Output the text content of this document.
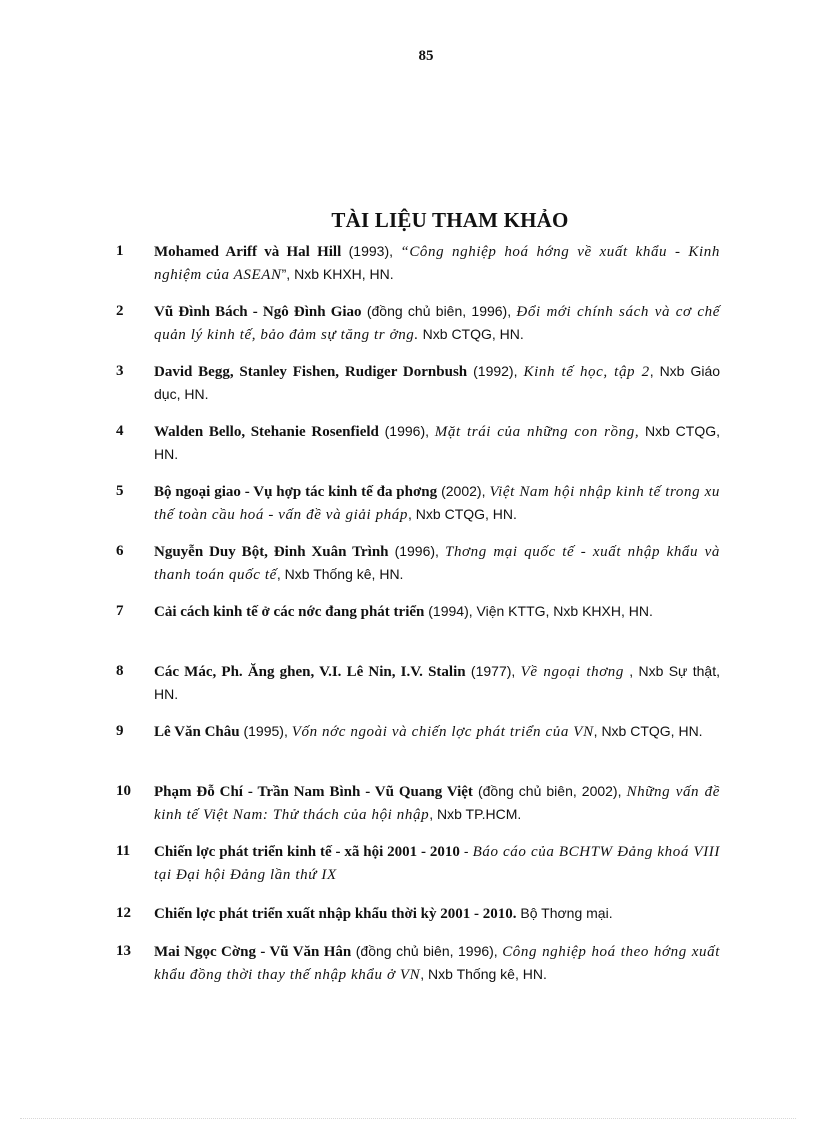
85
TÀI LIỆU THAM KHẢO
1 Mohamed Ariff và Hal Hill (1993), “Công nghiệp hoá hớng về xuất khẩu - Kinh nghiệm của ASEAN”, Nxb KHXH, HN.
2 Vũ Đình Bách - Ngô Đình Giao (đồng chủ biên, 1996), Đổi mới chính sách và cơ chế quản lý kinh tế, bảo đảm sự tăng tr ởng. Nxb CTQG, HN.
3 David Begg, Stanley Fishen, Rudiger Dornbush (1992), Kinh tế học, tập 2, Nxb Giáo dục, HN.
4 Walden Bello, Stehanie Rosenfield (1996), Mặt trái của những con rồng, Nxb CTQG, HN.
5 Bộ ngoại giao - Vụ hợp tác kinh tế đa phơng (2002), Việt Nam hội nhập kinh tế trong xu thế toàn cầu hoá - vấn đề và giải pháp, Nxb CTQG, HN.
6 Nguyễn Duy Bột, Đinh Xuân Trình (1996), Thơng mại quốc tế - xuất nhập khẩu và thanh toán quốc tế, Nxb Thống kê, HN.
7 Cải cách kinh tế ở các nớc đang phát triển (1994), Viện KTTG, Nxb KHXH, HN.
8 Các Mác, Ph. Ăng ghen, V.I. Lê Nin, I.V. Stalin (1977), Về ngoại thơng , Nxb Sự thật, HN.
9 Lê Văn Châu (1995), Vốn nớc ngoài và chiến lợc phát triển của VN, Nxb CTQG, HN.
10 Phạm Đỗ Chí - Trần Nam Bình - Vũ Quang Việt (đồng chủ biên, 2002), Những vấn đề kinh tế Việt Nam: Thử thách của hội nhập, Nxb TP.HCM.
11 Chiến lợc phát triển kinh tế - xã hội 2001 - 2010 - Báo cáo của BCHTW Đảng khoá VIII tại Đại hội Đảng lần thứ IX
12 Chiến lợc phát triển xuất nhập khẩu thời kỳ 2001 - 2010. Bộ Thơng mại.
13 Mai Ngọc Cờng - Vũ Văn Hân (đồng chủ biên, 1996), Công nghiệp hoá theo hớng xuất khẩu đồng thời thay thế nhập khẩu ở VN, Nxb Thống kê, HN.
